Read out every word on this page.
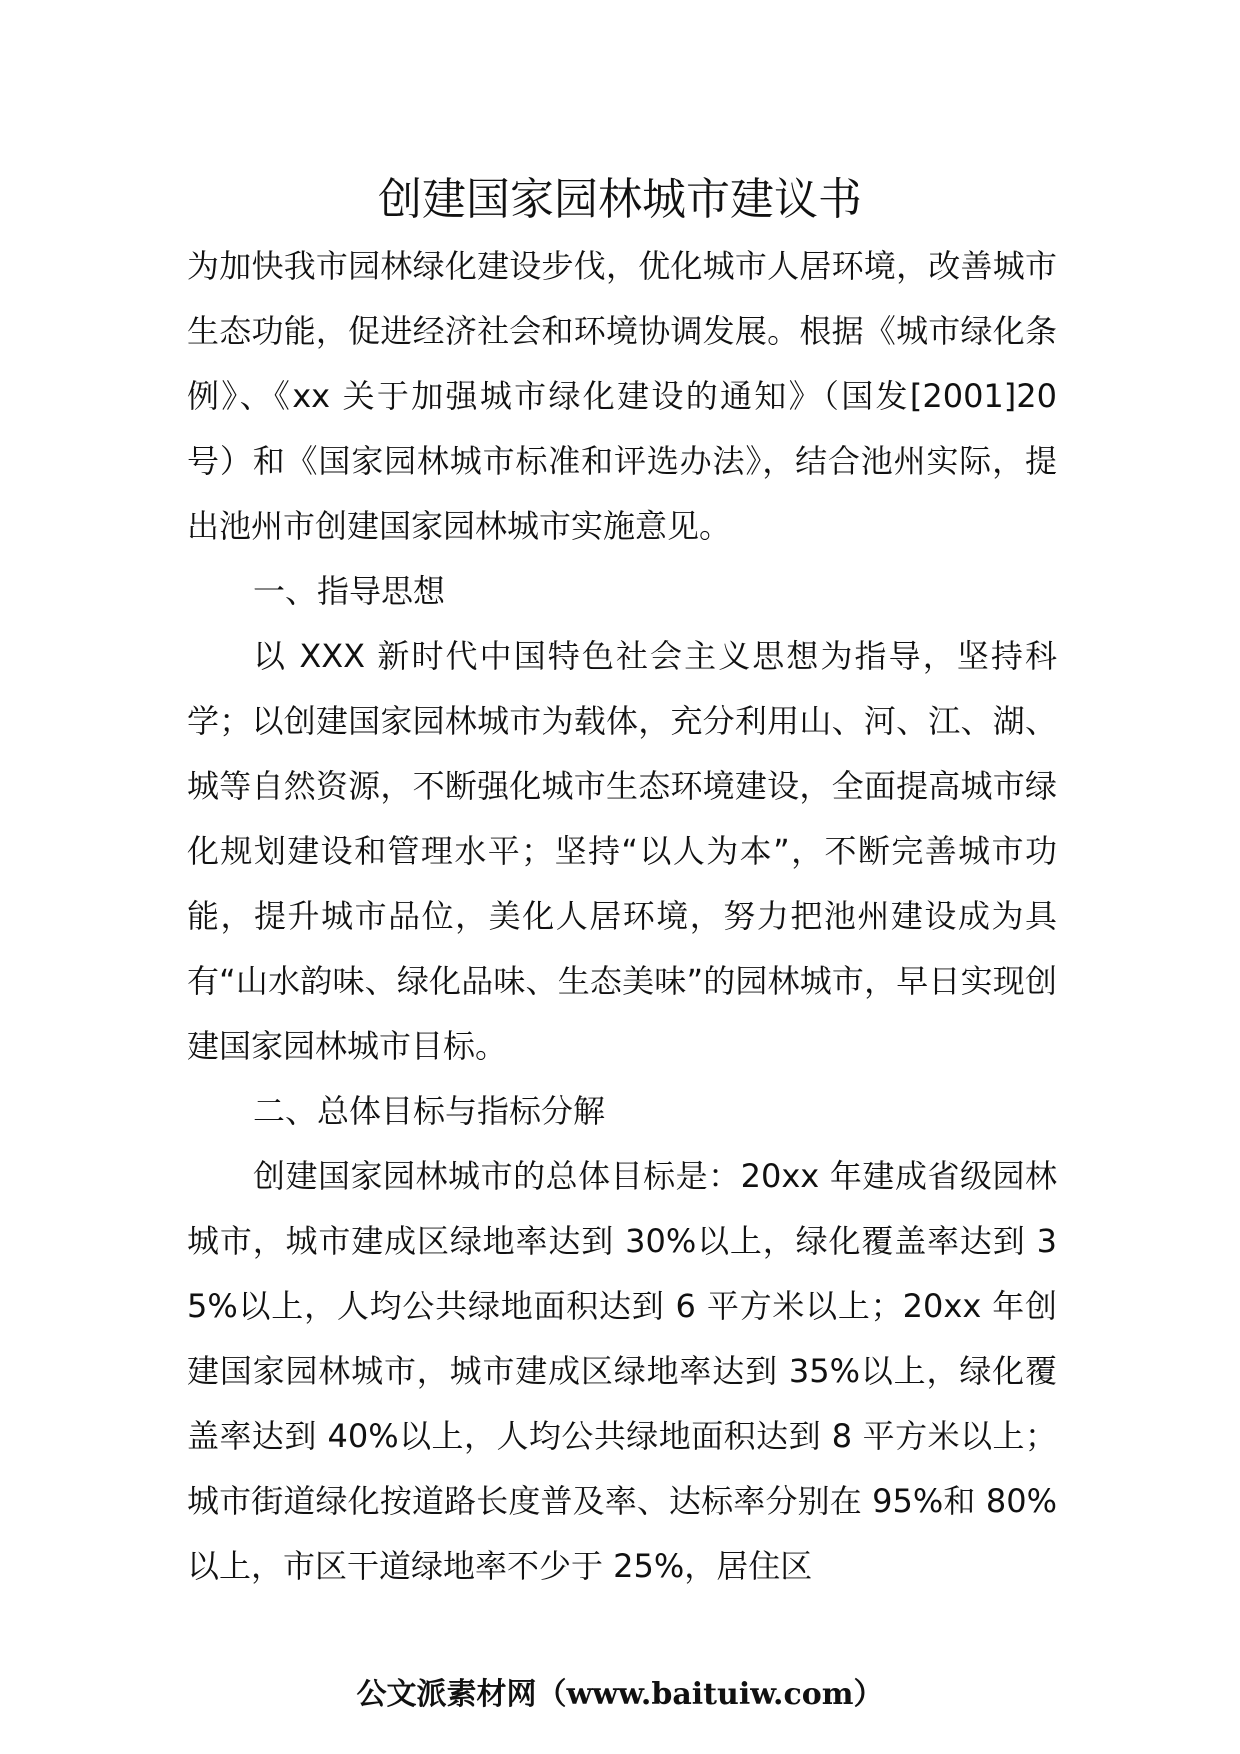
创建国家园林城市建议书

为加快我市园林绿化建设步伐，优化城市人居环境，改善城市生态功能，促进经济社会和环境协调发展。根据《城市绿化条例》、《xx 关于加强城市绿化建设的通知》（国发[2001]20 号）和《国家园林城市标准和评选办法》，结合池州实际，提出池州市创建国家园林城市实施意见。

一、指导思想

以 XXX 新时代中国特色社会主义思想为指导，坚持科学；以创建国家园林城市为载体，充分利用山、河、江、湖、城等自然资源，不断强化城市生态环境建设，全面提高城市绿化规划建设和管理水平；坚持“以人为本”，不断完善城市功能，提升城市品位，美化人居环境，努力把池州建设成为具有“山水韵味、绿化品味、生态美味”的园林城市，早日实现创建国家园林城市目标。

二、总体目标与指标分解

创建国家园林城市的总体目标是：20xx 年建成省级园林城市，城市建成区绿地率达到 30%以上，绿化覆盖率达到 35%以上，人均公共绿地面积达到 6 平方米以上；20xx 年创建国家园林城市，城市建成区绿地率达到 35%以上，绿化覆盖率达到 40%以上，人均公共绿地面积达到 8 平方米以上；城市街道绿化按道路长度普及率、达标率分别在 95%和 80%以上，市区干道绿地率不少于 25%，居住区

公文派素材网（www.baituiw.com）
